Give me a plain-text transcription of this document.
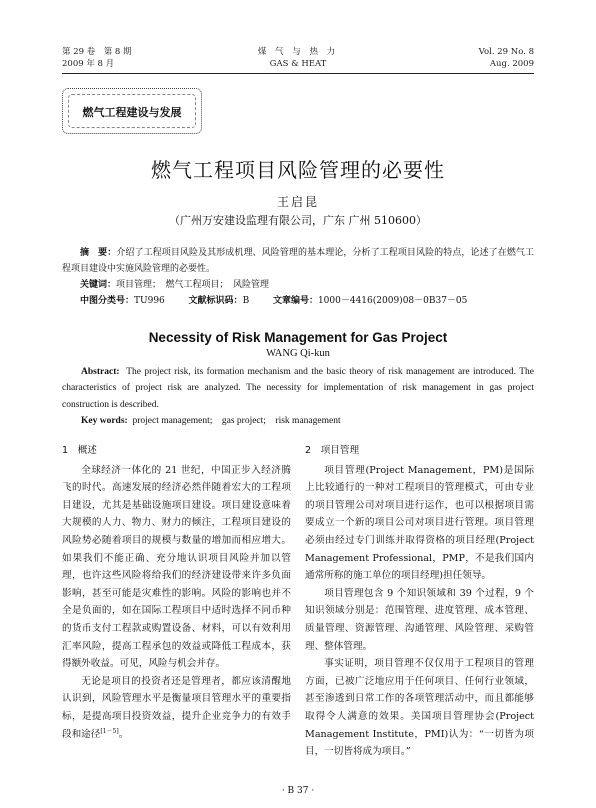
第 29 卷　第 8 期
2009 年 8 月
煤 气 与 热 力
GAS & HEAT
Vol. 29 No. 8
Aug. 2009
燃气工程建设与发展
燃气工程项目风险管理的必要性
王启昆
（广州万安建设监理有限公司，广东 广州 510600）
摘　要：介绍了工程项目风险及其形成机理、风险管理的基本理论，分析了工程项目风险的特点，论述了在燃气工程项目建设中实施风险管理的必要性。
关键词：项目管理；　燃气工程项目；　风险管理
中图分类号：TU996	文献标识码：B	文章编号：1000－4416(2009)08－0B37－05
Necessity of Risk Management for Gas Project
WANG Qi-kun
Abstract: The project risk, its formation mechanism and the basic theory of risk management are introduced. The characteristics of project risk are analyzed. The necessity for implementation of risk management in gas project construction is described.
Key words: project management;　gas project;　risk management

1　概述

全球经济一体化的 21 世纪，中国正步入经济腾飞的时代。高速发展的经济必然伴随着宏大的工程项目建设，尤其是基础设施项目建设。项目建设意味着大规模的人力、物力、财力的倾注，工程项目建设的风险势必随着项目的规模与数量的增加而相应增大。如果我们不能正确、充分地认识项目风险并加以管理，也许这些风险将给我们的经济建设带来许多负面影响，甚至可能是灾难性的影响。风险的影响也并不全是负面的，如在国际工程项目中适时选择不同币种的货币支付工程款或购置设备、材料，可以有效利用汇率风险，提高工程承包的效益或降低工程成本，获得额外收益。可见，风险与机会并存。

无论是项目的投资者还是管理者，都应该清醒地认识到，风险管理水平是衡量项目管理水平的重要指标，是提高项目投资效益，提升企业竞争力的有效手段和途径[1－5]。

2　项目管理

项目管理(Project Management，PM)是国际上比较通行的一种对工程项目的管理模式，可由专业的项目管理公司对项目进行运作，也可以根据项目需要成立一个新的项目公司对项目进行管理。项目管理必须由经过专门训练并取得资格的项目经理(Project Management Professional，PMP，不是我们国内通常所称的施工单位的项目经理)担任领导。

项目管理包含 9 个知识领域和 39 个过程，9 个知识领域分别是：范围管理、进度管理、成本管理、质量管理、资源管理、沟通管理、风险管理、采购管理、整体管理。

事实证明，项目管理不仅仅用于工程项目的管理方面，已被广泛地应用于任何项目、任何行业领域，甚至渗透到日常工作的各项管理活动中，而且都能够取得令人满意的效果。美国项目管理协会(Project Management Institute，PMI)认为：“一切皆为项目，一切皆将成为项目。”

· B 37 ·
